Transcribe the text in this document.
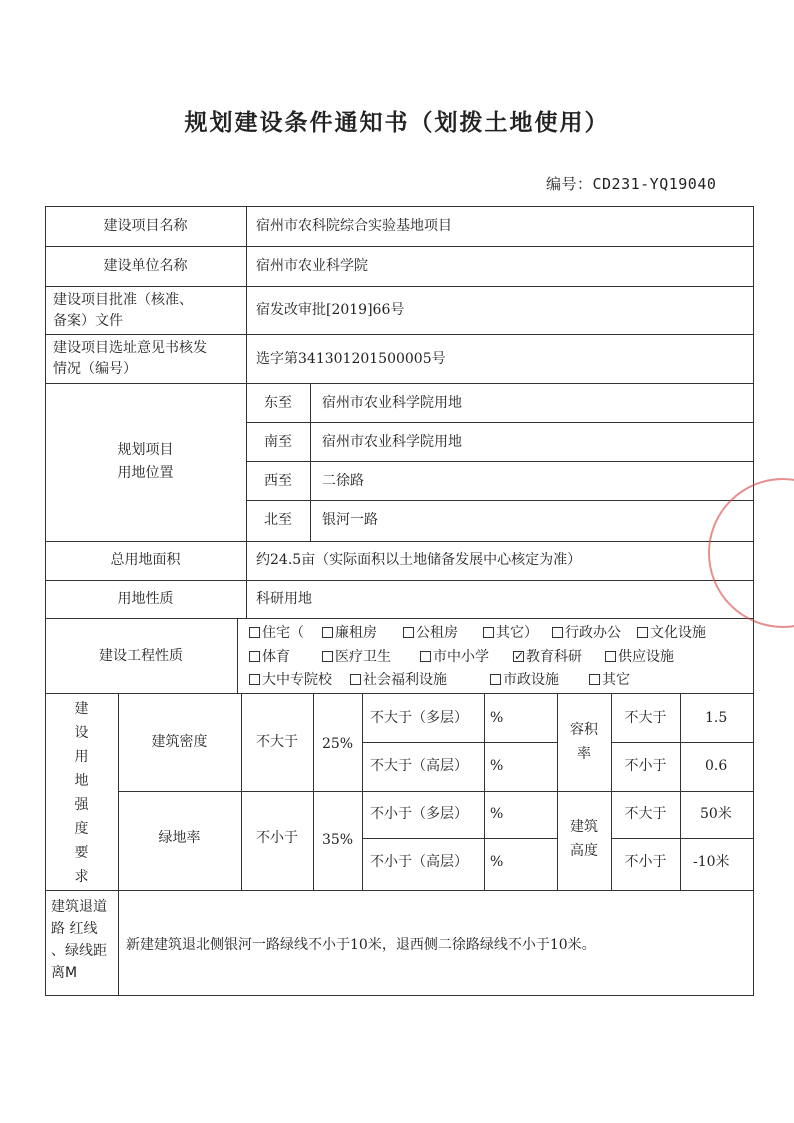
规划建设条件通知书（划拨土地使用）
编号：CD231-YQ19040
建设项目名称	宿州市农科院综合实验基地项目
建设单位名称	宿州市农业科学院
建设项目批准（核准、
备案）文件
宿发改审批[2019]66号
建设项目选址意见书核发
情况（编号）
选字第341301201500005号
规划项目
用地位置
东至	宿州市农业科学院用地
南至	宿州市农业科学院用地
西至	二徐路
北至	银河一路
总用地面积	约24.5亩（实际面积以土地储备发展中心核定为准）
用地性质	科研用地
建设工程性质
住宅（	廉租房	公租房	其它）	行政办公	文化设施
体育	医疗卫生	市中小学
✓	教育科研	供应设施
大中专院校	社会福利设施	市政设施	其它
建
设
用
地
强
度
要
求
建筑密度	不大于	25%
不大于（多层） %
不大于（高层） %
绿地率	不小于	35%
不小于（多层） %
不小于（高层） %
容积
率
不大于	1.5
不小于	0.6
建筑
高度
不大于	50米
不小于	-10米
建筑退道
路 红线
、绿线距
离M
新建建筑退北侧银河一路绿线不小于10米，退西侧二徐路绿线不小于10米。
